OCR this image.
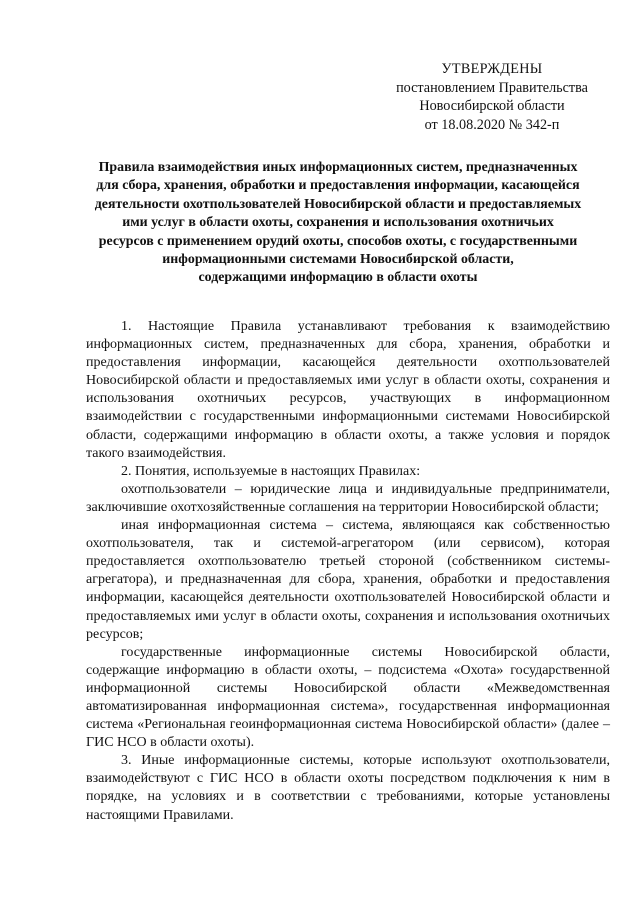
УТВЕРЖДЕНЫ
постановлением Правительства
Новосибирской области
от 18.08.2020 № 342-п
Правила взаимодействия иных информационных систем, предназначенных
для сбора, хранения, обработки и предоставления информации, касающейся
деятельности охотпользователей Новосибирской области и предоставляемых
ими услуг в области охоты, сохранения и использования охотничьих
ресурсов с применением орудий охоты, способов охоты, с государственными
информационными системами Новосибирской области,
содержащими информацию в области охоты

1. Настоящие Правила устанавливают требования к взаимодействию информационных систем, предназначенных для сбора, хранения, обработки и предоставления информации, касающейся деятельности охотпользователей Новосибирской области и предоставляемых ими услуг в области охоты, сохранения и использования охотничьих ресурсов, участвующих в информационном взаимодействии с государственными информационными системами Новосибирской области, содержащими информацию в области охоты, а также условия и порядок такого взаимодействия.

2. Понятия, используемые в настоящих Правилах:

охотпользователи – юридические лица и индивидуальные предприниматели, заключившие охотхозяйственные соглашения на территории Новосибирской области;

иная информационная система – система, являющаяся как собственностью охотпользователя, так и системой-агрегатором (или сервисом), которая предоставляется охотпользователю третьей стороной (собственником системы-агрегатора), и предназначенная для сбора, хранения, обработки и предоставления информации, касающейся деятельности охотпользователей Новосибирской области и предоставляемых ими услуг в области охоты, сохранения и использования охотничьих ресурсов;

государственные информационные системы Новосибирской области, содержащие информацию в области охоты, – подсистема «Охота» государственной информационной системы Новосибирской области «Межведомственная автоматизированная информационная система», государственная информационная система «Региональная геоинформационная система Новосибирской области» (далее – ГИС НСО в области охоты).

3. Иные информационные системы, которые используют охотпользователи, взаимодействуют с ГИС НСО в области охоты посредством подключения к ним в порядке, на условиях и в соответствии с требованиями, которые установлены настоящими Правилами.
